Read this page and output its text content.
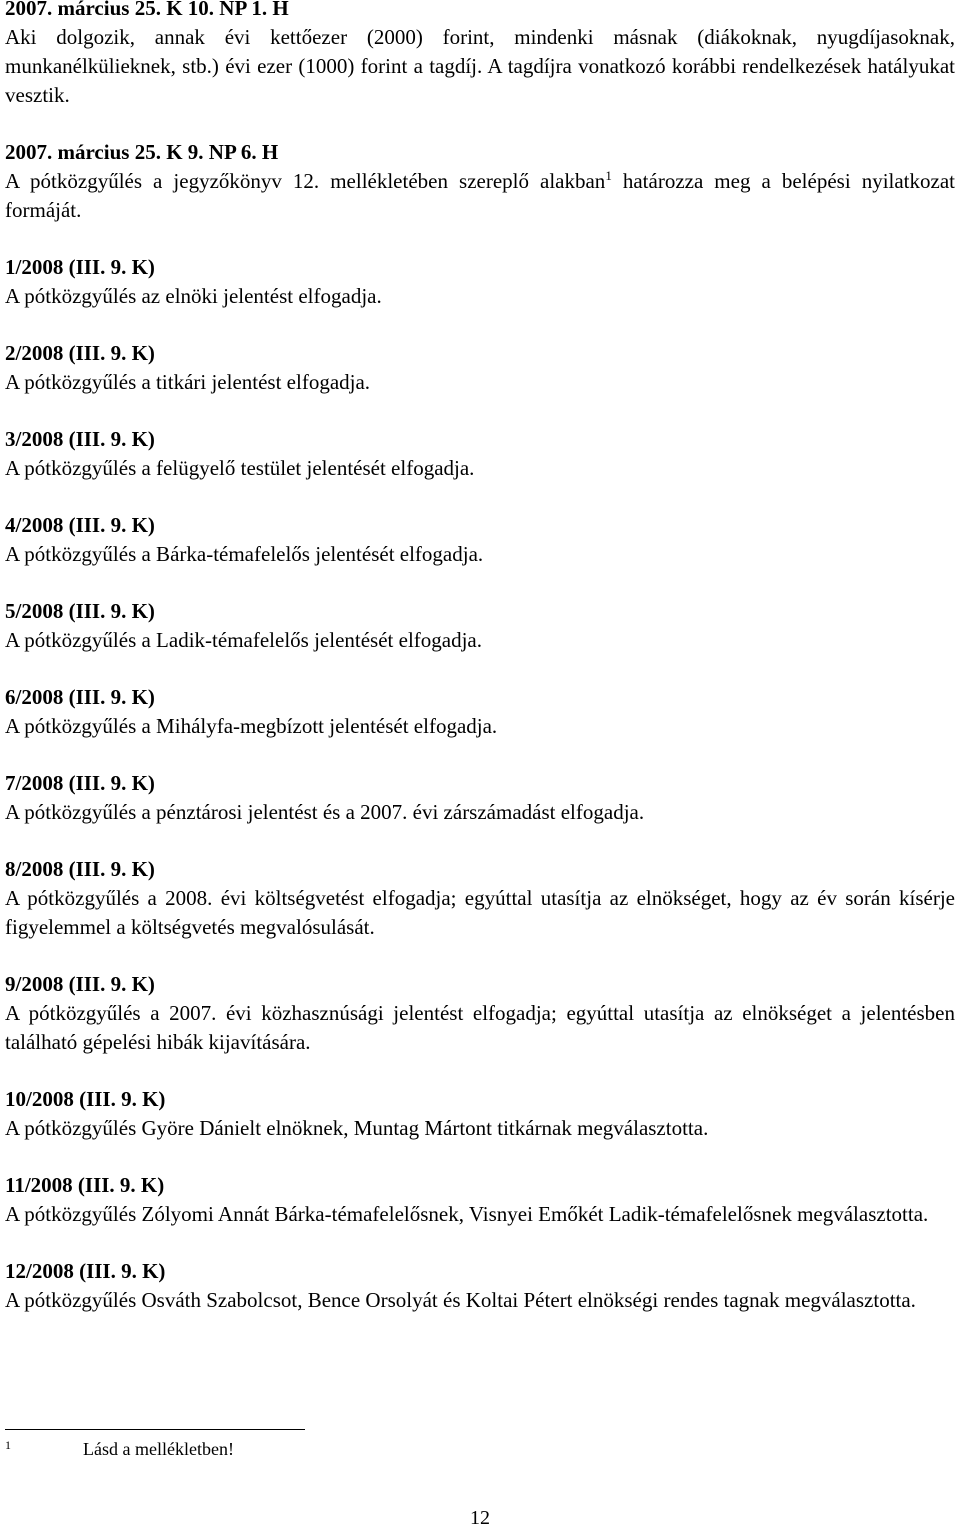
2007. március 25. K 10. NP 1. H
Aki dolgozik, annak évi kettőezer (2000) forint, mindenki másnak (diákoknak, nyugdíjasoknak, munkanélkülieknek, stb.) évi ezer (1000) forint a tagdíj. A tagdíjra vonatkozó korábbi rendelkezések hatályukat vesztik.
2007. március 25. K 9. NP 6. H
A pótközgyűlés a jegyzőkönyv 12. mellékletében szereplő alakban$^1$ határozza meg a belépési nyilatkozat formáját.
1/2008 (III. 9. K)
A pótközgyűlés az elnöki jelentést elfogadja.
2/2008 (III. 9. K)
A pótközgyűlés a titkári jelentést elfogadja.
3/2008 (III. 9. K)
A pótközgyűlés a felügyelő testület jelentését elfogadja.
4/2008 (III. 9. K)
A pótközgyűlés a Bárka-témafelelős jelentését elfogadja.
5/2008 (III. 9. K)
A pótközgyűlés a Ladik-témafelelős jelentését elfogadja.
6/2008 (III. 9. K)
A pótközgyűlés a Mihályfa-megbízott jelentését elfogadja.
7/2008 (III. 9. K)
A pótközgyűlés a pénztárosi jelentést és a 2007. évi zárszámadást elfogadja.
8/2008 (III. 9. K)
A pótközgyűlés a 2008. évi költségvetést elfogadja; egyúttal utasítja az elnökséget, hogy az év során kísérje figyelemmel a költségvetés megvalósulását.
9/2008 (III. 9. K)
A pótközgyűlés a 2007. évi közhasznúsági jelentést elfogadja; egyúttal utasítja az elnökséget a jelentésben található gépelési hibák kijavítására.
10/2008 (III. 9. K)
A pótközgyűlés Györe Dánielt elnöknek, Muntag Mártont titkárnak megválasztotta.
11/2008 (III. 9. K)
A pótközgyűlés Zólyomi Annát Bárka-témafelelősnek, Visnyei Emőkét Ladik-témafelelősnek megválasztotta.
12/2008 (III. 9. K)
A pótközgyűlés Osváth Szabolcsot, Bence Orsolyát és Koltai Pétert elnökségi rendes tagnak megválasztotta.
1	Lásd a mellékletben!
12
